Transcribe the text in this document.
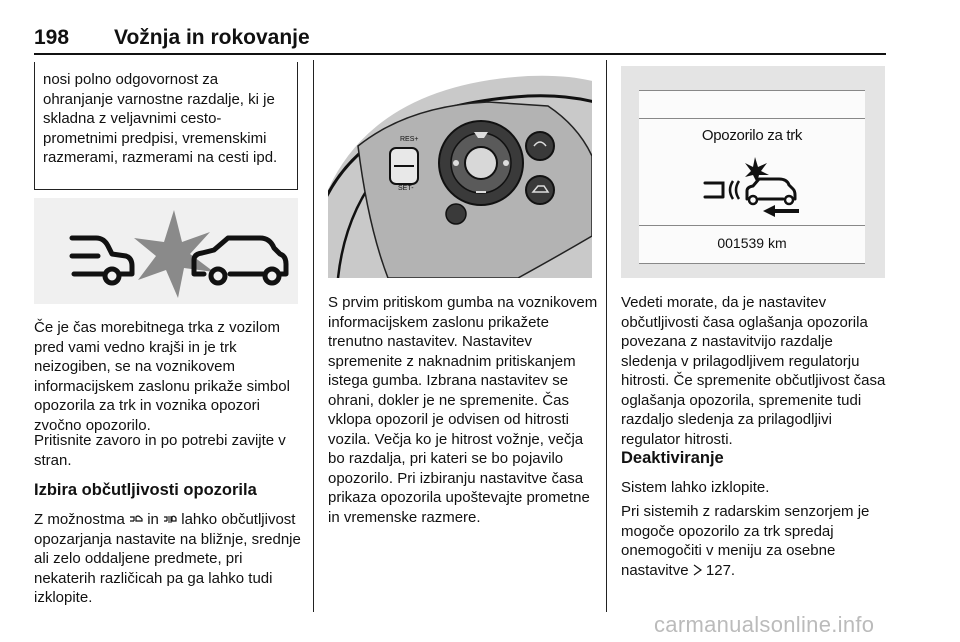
198 Vožnja in rokovanje

nosi polno odgovornost za ohranjanje varnostne razdalje, ki je skladna z veljavnimi cestoprometnimi predpisi, vremenskimi razmerami, razmerami na cesti ipd.

Če je čas morebitnega trka z vozilom pred vami vedno krajši in je trk neizogiben, se na voznikovem informacijskem zaslonu prikaže simbol opozorila za trk in voznika opozori zvočno opozorilo.

Pritisnite zavoro in po potrebi zavijte v stran.

Izbira občutljivosti opozorila

Z možnostma in lahko občutljivost opozarjanja nastavite na bližnje, srednje ali zelo oddaljene predmete, pri nekaterih različicah pa ga lahko tudi izklopite.

RES+
SET-

S prvim pritiskom gumba na voznikovem informacijskem zaslonu prikažete trenutno nastavitev. Nastavitev spremenite z naknadnim pritiskanjem istega gumba. Izbrana nastavitev se ohrani, dokler je ne spremenite. Čas vklopa opozoril je odvisen od hitrosti vozila. Večja ko je hitrost vožnje, večja bo razdalja, pri kateri se bo pojavilo opozorilo. Pri izbiranju nastavitve časa prikaza opozorila upoštevajte prometne in vremenske razmere.

Opozorilo za trk
001539 km

Vedeti morate, da je nastavitev občutljivosti časa oglašanja opozorila povezana z nastavitvijo razdalje sledenja v prilagodljivem regulatorju hitrosti. Če spremenite občutljivost časa oglašanja opozorila, spremenite tudi razdaljo sledenja za prilagodljivi regulator hitrosti.

Deaktiviranje

Sistem lahko izklopite.

Pri sistemih z radarskim senzorjem je mogoče opozorilo za trk spredaj onemogočiti v meniju za osebne nastavitve 127.

carmanualsonline.info
